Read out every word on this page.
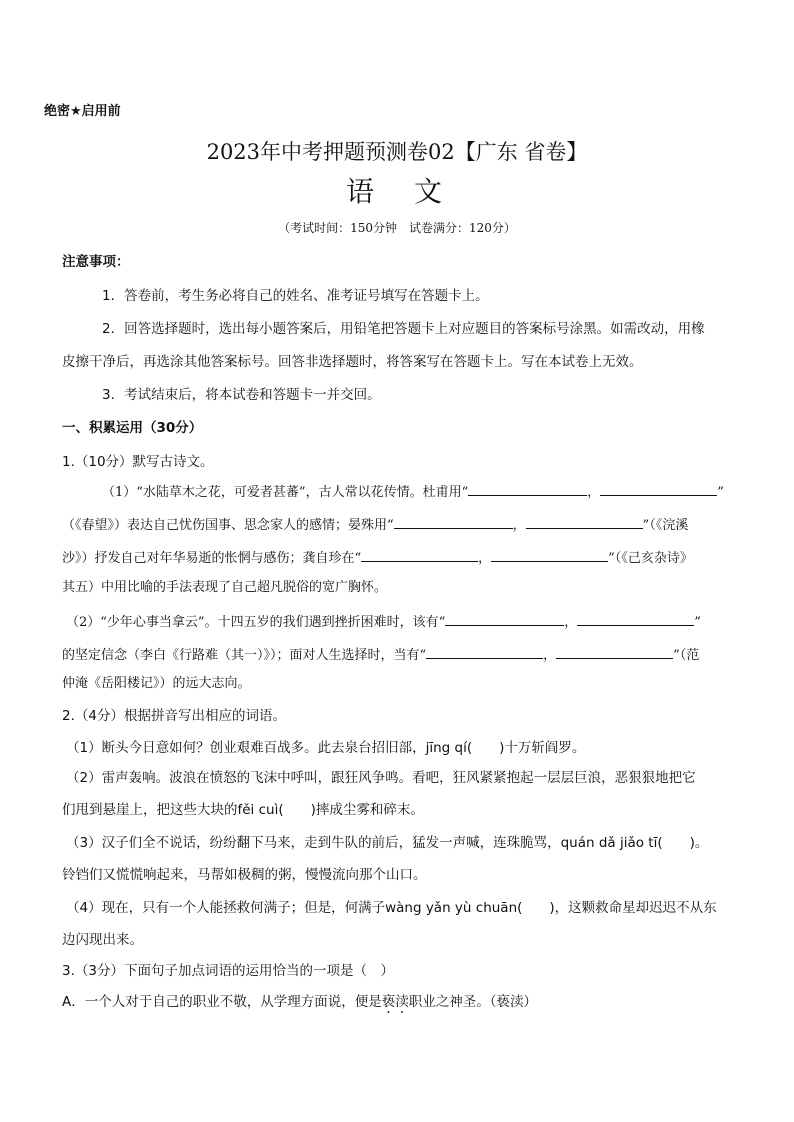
绝密★启用前
2023年中考押题预测卷02【广东 省卷】
语　文
（考试时间：150分钟　试卷满分：120分）
注意事项：
1．答卷前，考生务必将自己的姓名、准考证号填写在答题卡上。
2．回答选择题时，选出每小题答案后，用铅笔把答题卡上对应题目的答案标号涂黑。如需改动，用橡
皮擦干净后，再选涂其他答案标号。回答非选择题时，将答案写在答题卡上。写在本试卷上无效。
3．考试结束后，将本试卷和答题卡一并交回。
一、积累运用（30分）
1.（10分）默写古诗文。
（1）“水陆草木之花，可爱者甚蕃”，古人常以花传情。杜甫用“	，	”
（《春望》）表达自己忧伤国事、思念家人的感情；晏殊用“	，	”（《浣溪
沙》）抒发自己对年华易逝的怅惘与感伤；龚自珍在“	，	”（《己亥杂诗》
其五）中用比喻的手法表现了自己超凡脱俗的宽广胸怀。
（2）“少年心事当拿云”。十四五岁的我们遇到挫折困难时，该有“	，	”
的坚定信念（李白《行路难（其一）》）；面对人生选择时，当有“	，	”（范
仲淹《岳阳楼记》）的远大志向。
2.（4分）根据拼音写出相应的词语。
（1）断头今日意如何？创业艰难百战多。此去泉台招旧部，jīng qí(　　)十万斩阎罗。
（2）雷声轰响。波浪在愤怒的飞沫中呼叫，跟狂风争鸣。看吧，狂风紧紧抱起一层层巨浪，恶狠狠地把它
们甩到悬崖上，把这些大块的fěi cuì(　　)摔成尘雾和碎末。
（3）汉子们全不说话，纷纷翻下马来，走到牛队的前后，猛发一声喊，连珠脆骂，quán dǎ jiǎo tī(　　)。
铃铛们又慌慌响起来，马帮如极稠的粥，慢慢流向那个山口。
（4）现在，只有一个人能拯救何满子；但是，何满子wàng yǎn yù chuān(　　)，这颗救命星却迟迟不从东
边闪现出来。
3.（3分）下面句子加点词语的运用恰当的一项是（　）
A．一个人对于自己的职业不敬，从学理方面说，便是亵渎职业之神圣。（亵渎）
